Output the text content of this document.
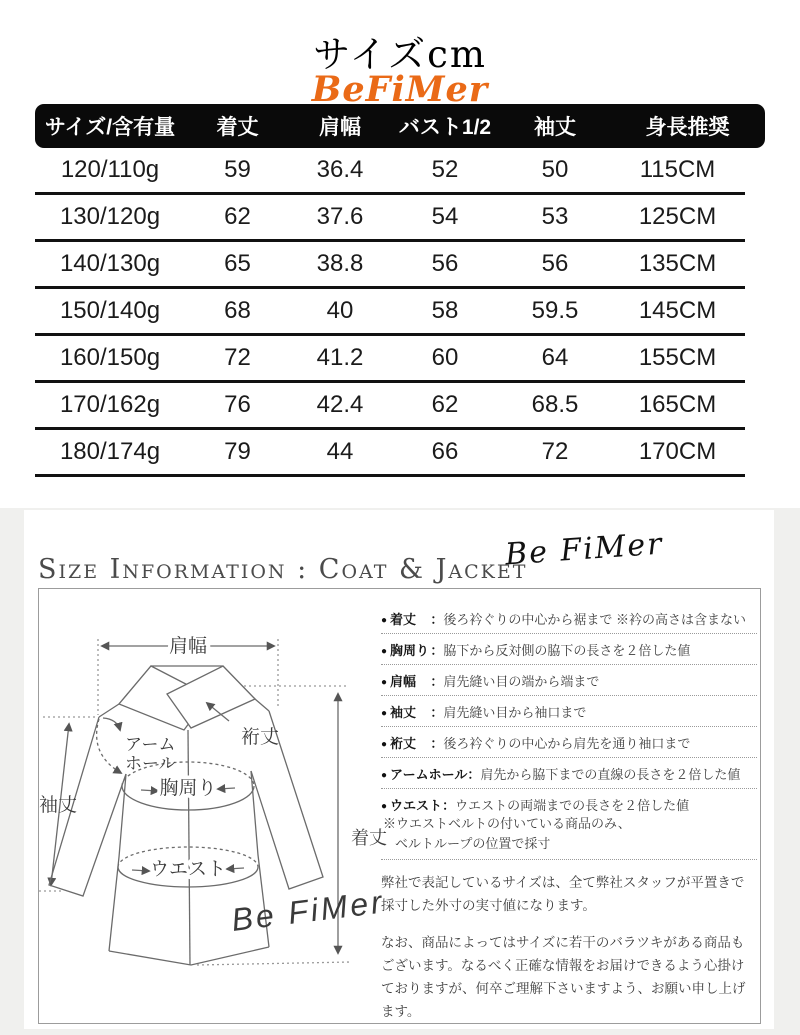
サイズcm
BeFiMer
サイズ/含有量	着丈	肩幅	バスト1/2	袖丈	身長推奨
120/110g	59	36.4	52	50	115CM
130/120g	62	37.6	54	53	125CM
140/130g	65	38.8	56	56	135CM
150/140g	68	40	58	59.5	145CM
160/150g	72	41.2	60	64	155CM
170/162g	76	42.4	62	68.5	165CM
180/174g	79	44	66	72	170CM
Be FiMer
Size Information : Coat & Jacket
肩幅
裄丈
アーム
ホール
袖丈
胸周り
着丈
ウエスト
Be FiMer
● 着丈 ：後ろ衿ぐりの中心から裾まで ※衿の高さは含まない
● 胸周り：脇下から反対側の脇下の長さを２倍した値
● 肩幅 ：肩先縫い目の端から端まで
● 袖丈 ：肩先縫い目から袖口まで
● 裄丈 ：後ろ衿ぐりの中心から肩先を通り袖口まで
● アームホール：肩先から脇下までの直線の長さを２倍した値
● ウエスト：ウエストの両端までの長さを２倍した値
※ウエストベルトの付いている商品のみ、
ベルトループの位置で採寸

弊社で表記しているサイズは、全て弊社スタッフが平置きで採寸した外寸の実寸値になります。

なお、商品によってはサイズに若干のバラツキがある商品もございます。なるべく正確な情報をお届けできるよう心掛けておりますが、何卒ご理解下さいますよう、お願い申し上げます。
